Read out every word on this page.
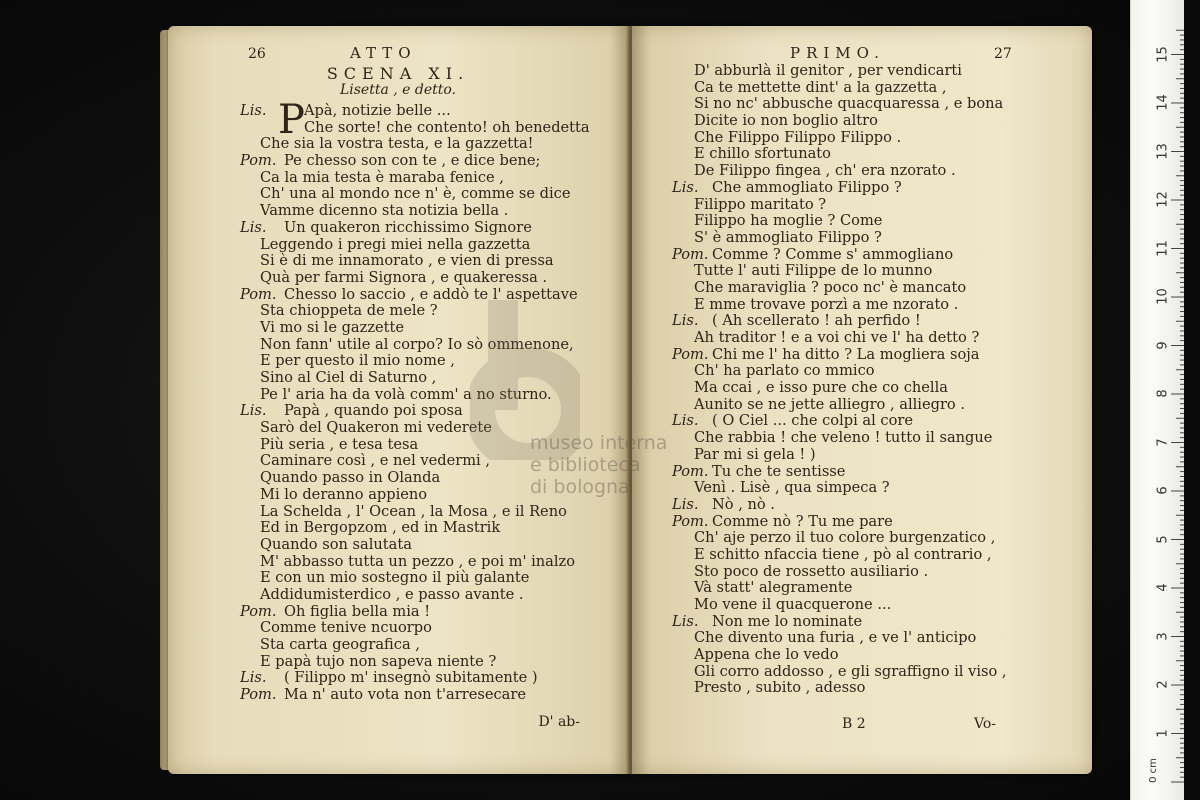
26	ATTO
SCENA XI.
Lisetta , e detto.
P
Lis.	Apà, notizie belle ...
Che sorte! che contento! oh benedetta
Che sia la vostra testa, e la gazzetta!
Pom. Pe chesso son con te , e dice bene;
Ca la mia testa è maraba fenice ,
Ch' una al mondo nce n' è, comme se dice
Vamme dicenno sta notizia bella .
Lis. Un quakeron ricchissimo Signore
Leggendo i pregi miei nella gazzetta
Si è di me innamorato , e vien di pressa
Quà per farmi Signora , e quakeressa .
Pom. Chesso lo saccio , e addò te l' aspettave
Sta chioppeta de mele ?
Vi mo si le gazzette
Non fann' utile al corpo? Io sò ommenone,
E per questo il mio nome ,
Sino al Ciel di Saturno ,
Pe l' aria ha da volà comm' a no sturno.
Lis. Papà , quando poi sposa
Sarò del Quakeron mi vederete
Più seria , e tesa tesa
Caminare così , e nel vedermi ,
Quando passo in Olanda
Mi lo deranno appieno
La Schelda , l' Ocean , la Mosa , e il Reno
Ed in Bergopzom , ed in Mastrik
Quando son salutata
M' abbasso tutta un pezzo , e poi m' inalzo
E con un mio sostegno il più galante
Addidumisterdico , e passo avante .
Pom. Oh figlia bella mia !
Comme tenive ncuorpo
Sta carta geografica ,
E papà tujo non sapeva niente ?
Lis. ( Filippo m' insegnò subitamente )
Pom. Ma n' auto vota non t'arresecare
D' ab-
PRIMO.	27
D' abburlà il genitor , per vendicarti
Ca te mettette dint' a la gazzetta ,
Si no nc' abbusche quacquaressa , e bona
Dicite io non boglio altro
Che Filippo Filippo Filippo .
E chillo sfortunato
De Filippo fingea , ch' era nzorato .
Lis. Che ammogliato Filippo ?
Filippo maritato ?
Filippo ha moglie ? Come
S' è ammogliato Filippo ?
Pom. Comme ? Comme s' ammogliano
Tutte l' auti Filippe de lo munno
Che maraviglia ? poco nc' è mancato
E mme trovave porzì a me nzorato .
Lis. ( Ah scellerato ! ah perfido !
Ah traditor ! e a voi chi ve l' ha detto ?
Pom. Chi me l' ha ditto ? La mogliera soja
Ch' ha parlato co mmico
Ma ccai , e isso pure che co chella
Aunito se ne jette alliegro , alliegro .
Lis. ( O Ciel ... che colpi al core
Che rabbia ! che veleno ! tutto il sangue
Par mi si gela ! )
Pom. Tu che te sentisse
Venì . Lisè , qua simpeca ?
Lis. Nò , nò .
Pom. Comme nò ? Tu me pare
Ch' aje perzo il tuo colore burgenzatico ,
E schitto nfaccia tiene , pò al contrario ,
Sto poco de rossetto ausiliario .
Và statt' alegramente
Mo vene il quacquerone ...
Lis. Non me lo nominate
Che divento una furia , e ve l' anticipo
Appena che lo vedo
Gli corro addosso , e gli sgraffigno il viso ,
Presto , subito , adesso
B 2	Vo-
museo interna
e biblioteca
di bologna
15
14
13
12
11
10
9
8
7
6
5
4
3
2
1
0 cm
